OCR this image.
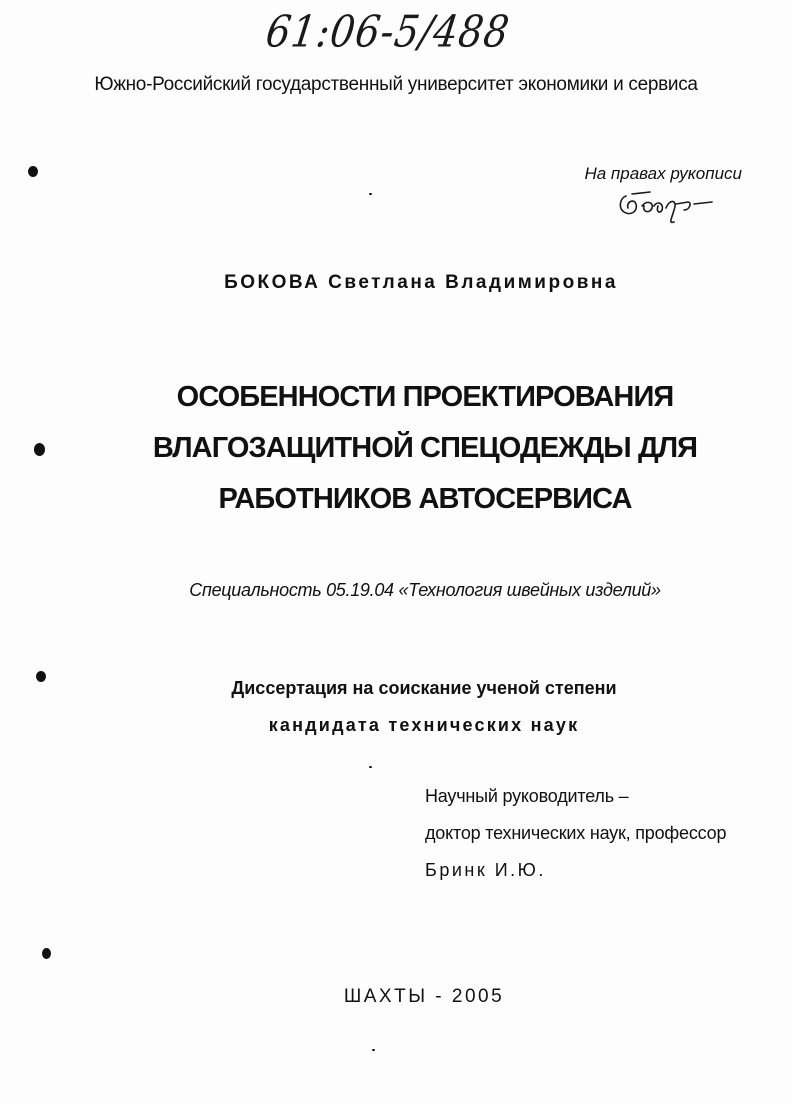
61:06-5/488

Южно-Российский государственный университет экономики и сервиса

На правах рукописи

БОКОВА Светлана Владимировна

ОСОБЕННОСТИ ПРОЕКТИРОВАНИЯ
ВЛАГОЗАЩИТНОЙ СПЕЦОДЕЖДЫ ДЛЯ
РАБОТНИКОВ АВТОСЕРВИСА

Специальность 05.19.04 «Технология швейных изделий»

Диссертация на соискание ученой степени
кандидата технических наук
Научный руководитель –
доктор технических наук, профессор
Бринк И.Ю.

ШАХТЫ - 2005
